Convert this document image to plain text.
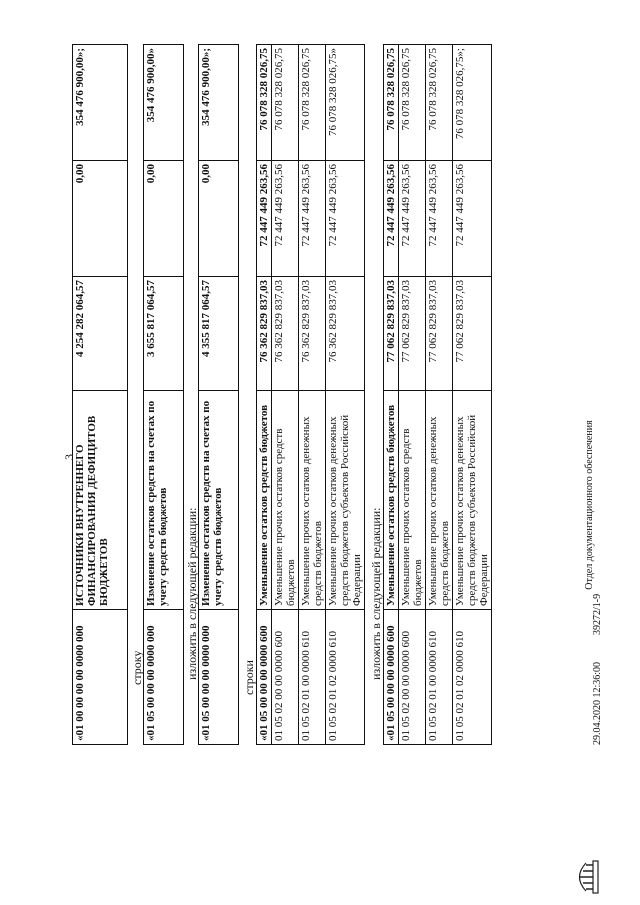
3
«01 00 00 00 00 0000 000	ИСТОЧНИКИ ВНУТРЕННЕГО ФИНАНСИРОВАНИЯ ДЕФИЦИТОВ БЮДЖЕТОВ	4 254 282 064,57	0,00	354 476 900,00»;
строку «01 05 00 00 00 0000 000	Изменение остатков средств на счетах по учету средств бюджетов	3 655 817 064,57	0,00	354 476 900,00»
изложить в следующей редакции:
«01 05 00 00 00 0000 000	Изменение остатков средств на счетах по учету средств бюджетов	4 355 817 064,57	0,00	354 476 900,00»;
строки «01 05 00 00 00 0000 600	Уменьшение остатков средств бюджетов	76 362 829 837,03	72 447 449 263,56	76 078 328 026,75
01 05 02 00 00 0000 600	Уменьшение прочих остатков средств бюджетов	76 362 829 837,03	72 447 449 263,56	76 078 328 026,75
01 05 02 01 00 0000 610	Уменьшение прочих остатков денежных средств бюджетов	76 362 829 837,03	72 447 449 263,56	76 078 328 026,75
01 05 02 01 02 0000 610	Уменьшение прочих остатков денежных средств бюджетов субъектов Российской Федерации	76 362 829 837,03	72 447 449 263,56	76 078 328 026,75»
изложить в следующей редакции:
«01 05 00 00 00 0000 600	Уменьшение остатков средств бюджетов	77 062 829 837,03	72 447 449 263,56	76 078 328 026,75
01 05 02 00 00 0000 600	Уменьшение прочих остатков средств бюджетов	77 062 829 837,03	72 447 449 263,56	76 078 328 026,75
01 05 02 01 00 0000 610	Уменьшение прочих остатков денежных средств бюджетов	77 062 829 837,03	72 447 449 263,56	76 078 328 026,75
01 05 02 01 02 0000 610	Уменьшение прочих остатков денежных средств бюджетов субъектов Российской Федерации	77 062 829 837,03	72 447 449 263,56	76 078 328 026,75»;
29.04.2020 12:36:00
39272/1-9
Отдел документационного обеспечения
